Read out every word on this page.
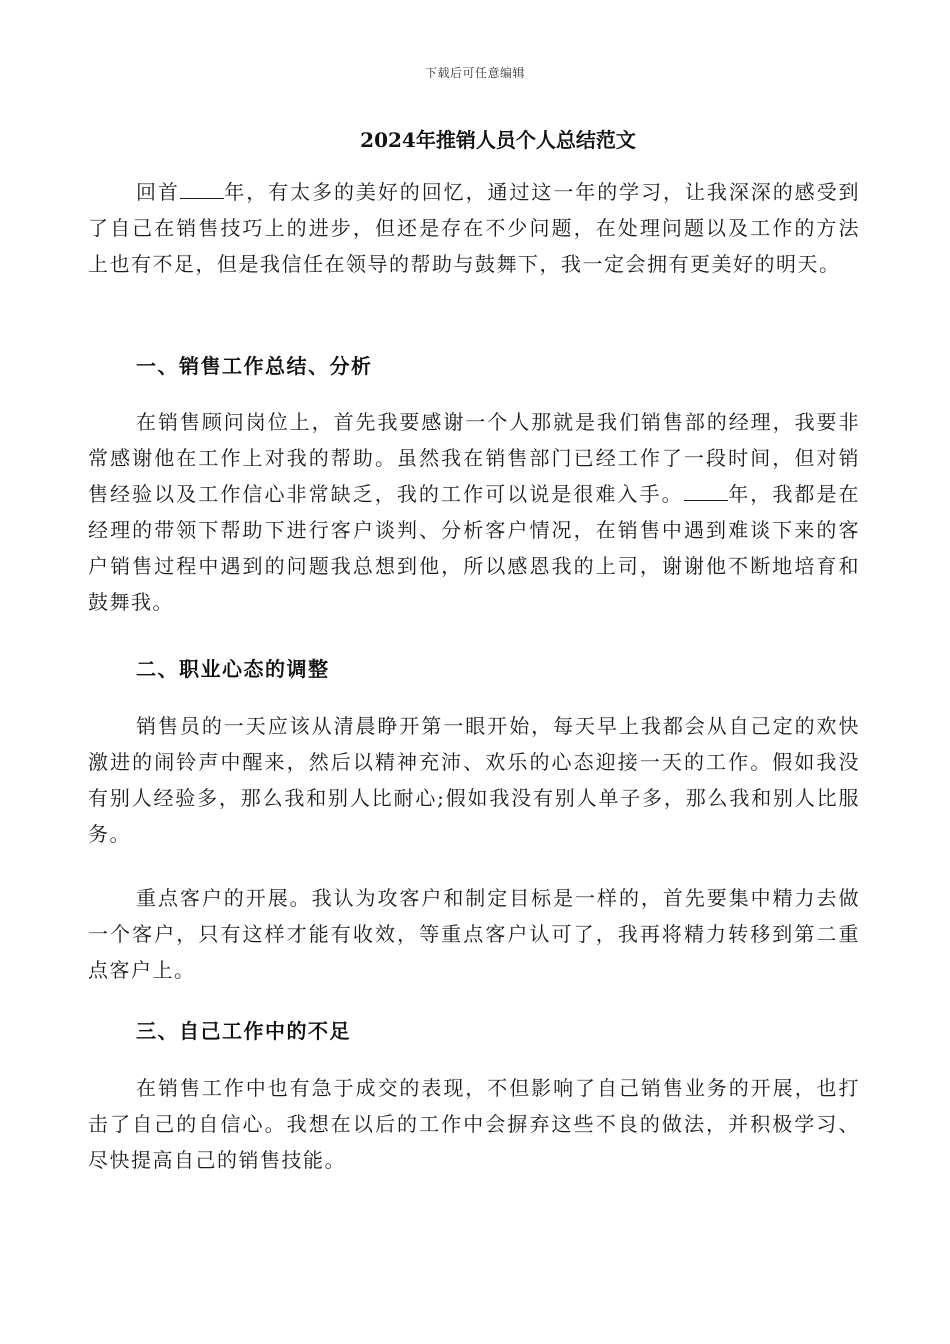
下载后可任意编辑
2024年推销人员个人总结范文
回首 年，有太多的美好的回忆，通过这一年的学习，让我深深的感受到了自己在销售技巧上的进步，但还是存在不少问题，在处理问题以及工作的方法上也有不足，但是我信任在领导的帮助与鼓舞下，我一定会拥有更美好的明天。
一、销售工作总结、分析
在销售顾问岗位上，首先我要感谢一个人那就是我们销售部的经理，我要非常感谢他在工作上对我的帮助。虽然我在销售部门已经工作了一段时间，但对销售经验以及工作信心非常缺乏，我的工作可以说是很难入手。 年，我都是在经理的带领下帮助下进行客户谈判、分析客户情况，在销售中遇到难谈下来的客户销售过程中遇到的问题我总想到他，所以感恩我的上司，谢谢他不断地培育和鼓舞我。
二、职业心态的调整
销售员的一天应该从清晨睁开第一眼开始，每天早上我都会从自己定的欢快激进的闹铃声中醒来，然后以精神充沛、欢乐的心态迎接一天的工作。假如我没有别人经验多，那么我和别人比耐心;假如我没有别人单子多，那么我和别人比服务。
重点客户的开展。我认为攻客户和制定目标是一样的，首先要集中精力去做一个客户，只有这样才能有收效，等重点客户认可了，我再将精力转移到第二重点客户上。
三、自己工作中的不足
在销售工作中也有急于成交的表现，不但影响了自己销售业务的开展，也打击了自己的自信心。我想在以后的工作中会摒弃这些不良的做法，并积极学习、尽快提高自己的销售技能。
